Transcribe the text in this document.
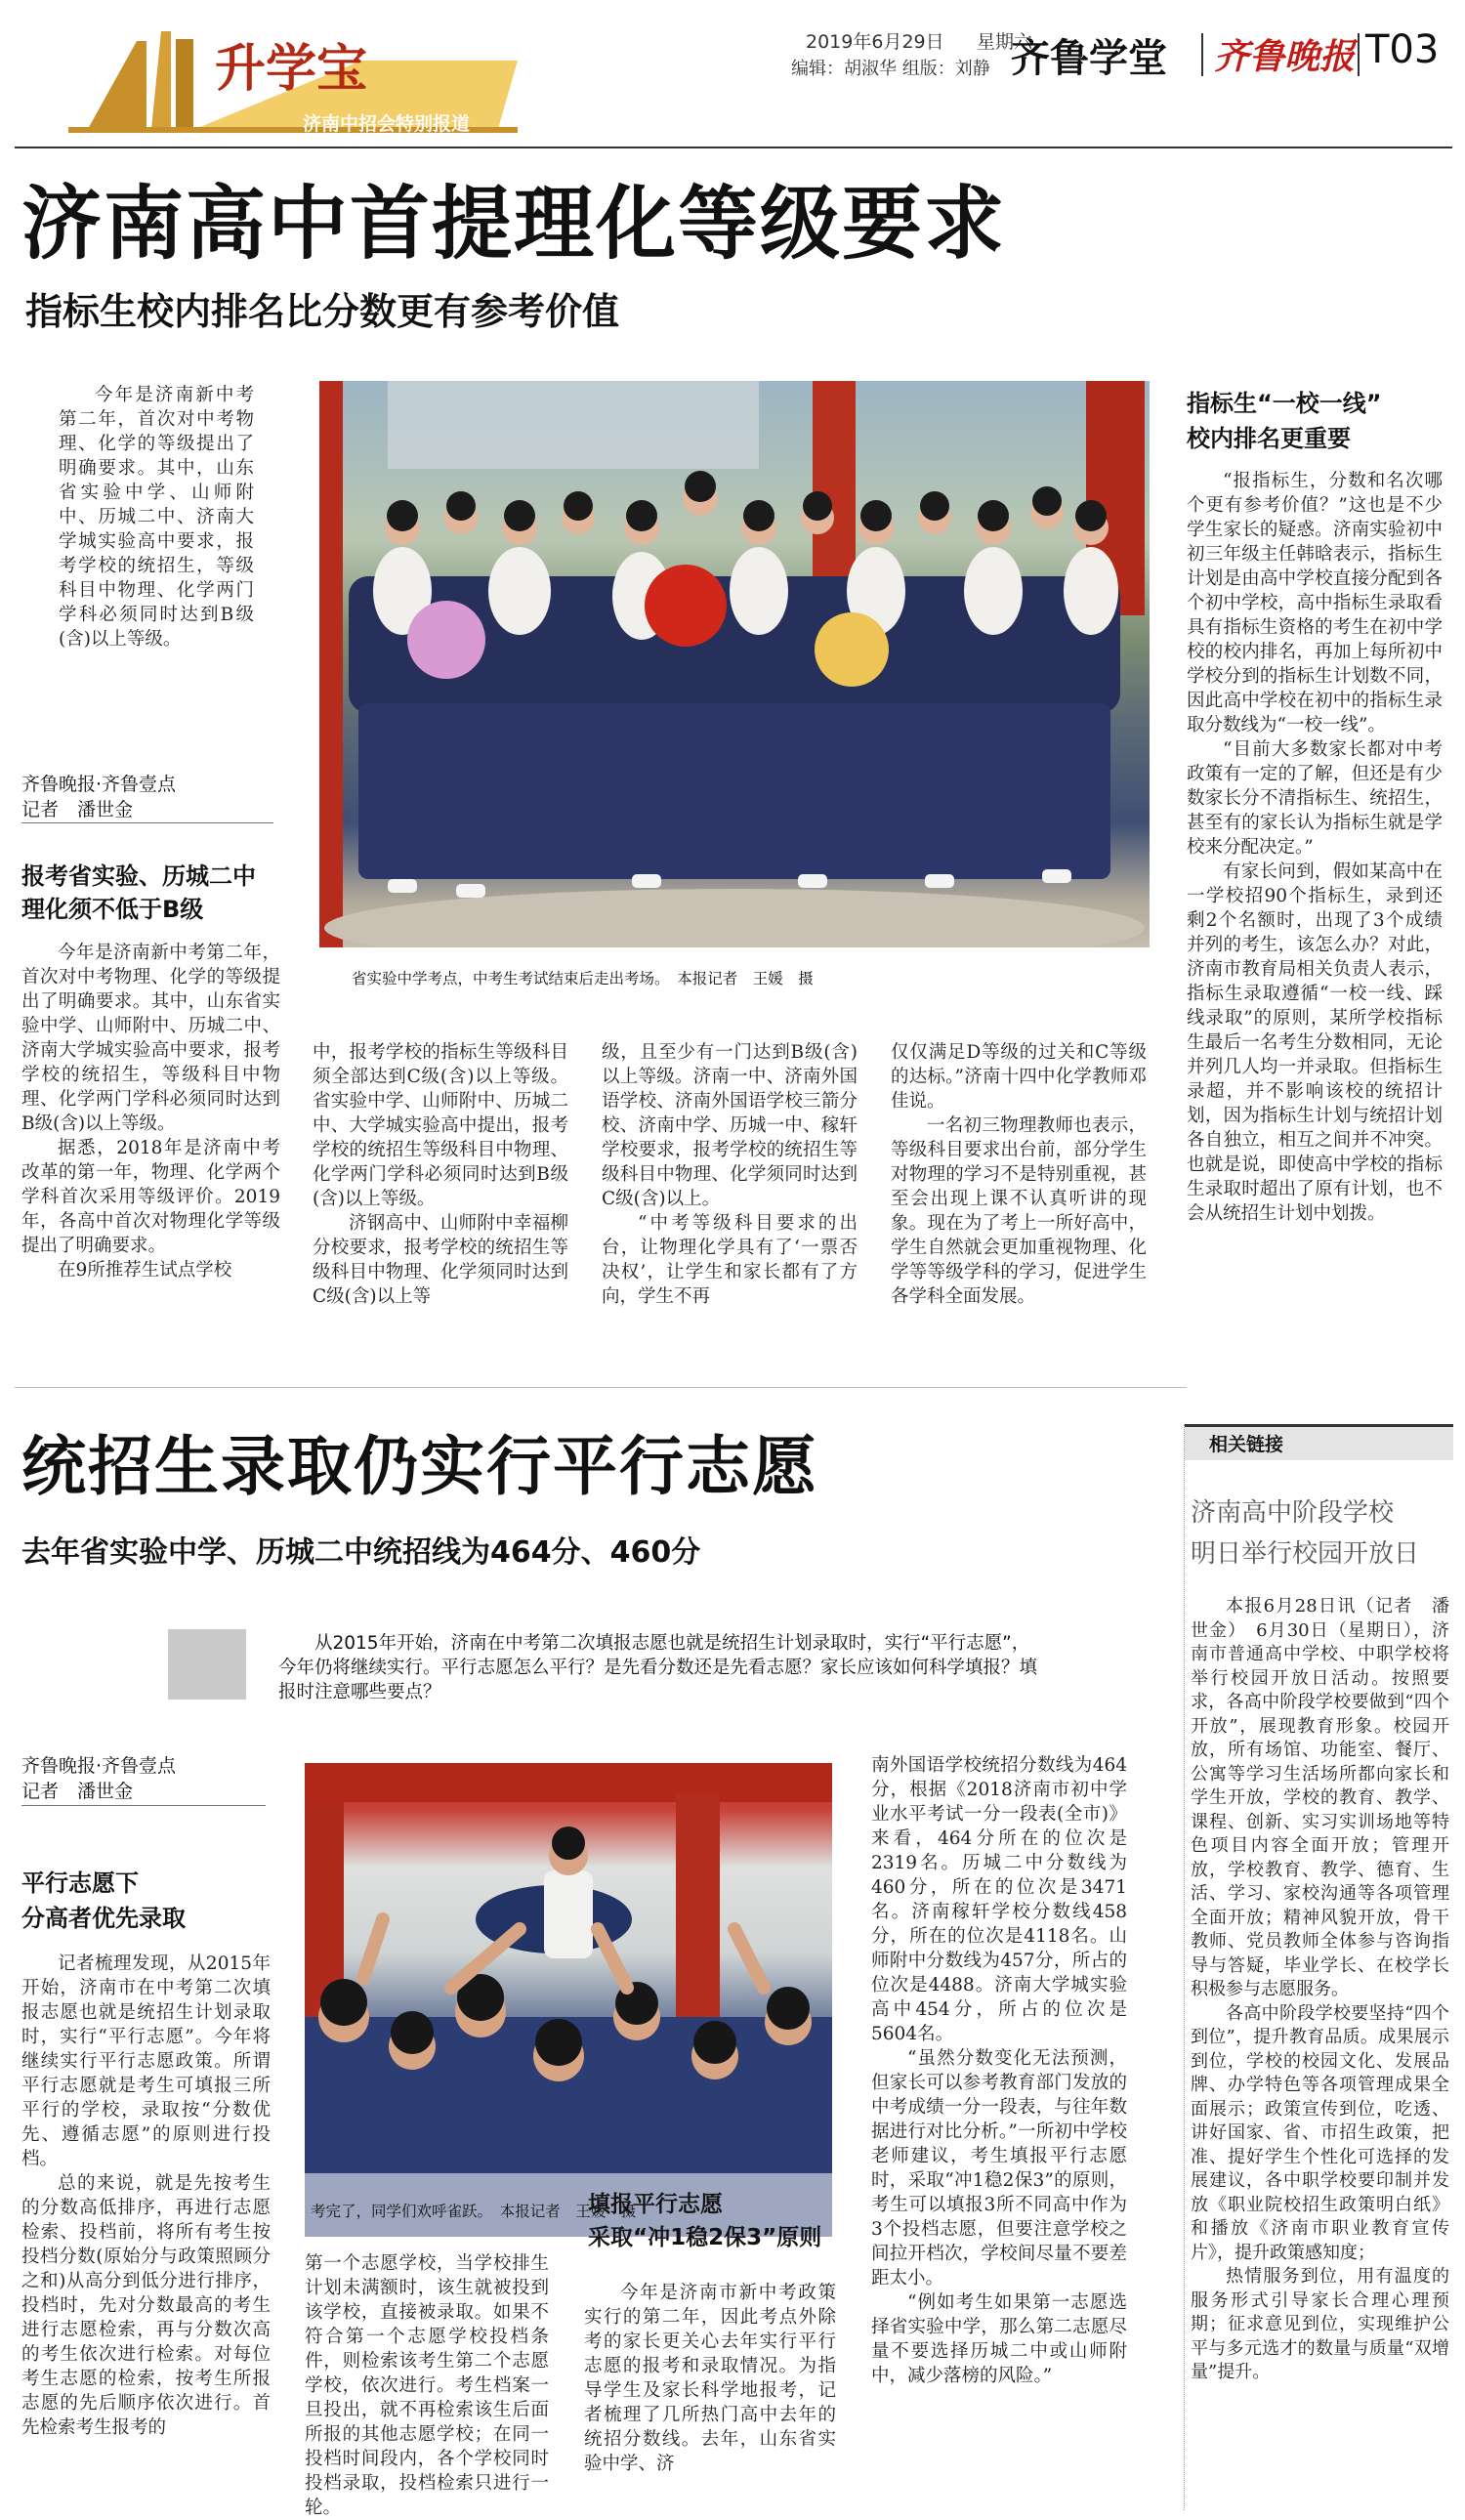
升学宝
济南中招会特别报道
2019年6月29日 星期六
编辑：胡淑华 组版：刘静 齐鲁学堂 齐鲁晚报 T03
济南高中首提理化等级要求
指标生校内排名比分数更有参考价值

今年是济南新中考第二年，首次对中考物理、化学的等级提出了明确要求。其中，山东省实验中学、山师附中、历城二中、济南大学城实验高中要求，报考学校的统招生，等级科目中物理、化学两门学科必须同时达到B级(含)以上等级。

齐鲁晚报·齐鲁壹点
记者　潘世金
报考省实验、历城二中
理化须不低于B级
省实验中学考点，中考生考试结束后走出考场。　本报记者　王媛　摄

今年是济南新中考第二年，首次对中考物理、化学的等级提出了明确要求。其中，山东省实验中学、山师附中、历城二中、济南大学城实验高中要求，报考学校的统招生，等级科目中物理、化学两门学科必须同时达到B级(含)以上等级。

据悉，2018年是济南中考改革的第一年，物理、化学两个学科首次采用等级评价。2019年，各高中首次对物理化学等级提出了明确要求。

在9所推荐生试点学校

中，报考学校的指标生等级科目须全部达到C级(含)以上等级。省实验中学、山师附中、历城二中、大学城实验高中提出，报考学校的统招生等级科目中物理、化学两门学科必须同时达到B级(含)以上等级。

济钢高中、山师附中幸福柳分校要求，报考学校的统招生等级科目中物理、化学须同时达到C级(含)以上等

级，且至少有一门达到B级(含)以上等级。济南一中、济南外国语学校、济南外国语学校三箭分校、济南中学、历城一中、稼轩学校要求，报考学校的统招生等级科目中物理、化学须同时达到C级(含)以上。

“中考等级科目要求的出台，让物理化学具有了‘一票否决权’，让学生和家长都有了方向，学生不再

仅仅满足D等级的过关和C等级的达标。”济南十四中化学教师邓佳说。

一名初三物理教师也表示，等级科目要求出台前，部分学生对物理的学习不是特别重视，甚至会出现上课不认真听讲的现象。现在为了考上一所好高中，学生自然就会更加重视物理、化学等等级学科的学习，促进学生各学科全面发展。

指标生“一校一线”
校内排名更重要

“报指标生，分数和名次哪个更有参考价值？”这也是不少学生家长的疑惑。济南实验初中初三年级主任韩晗表示，指标生计划是由高中学校直接分配到各个初中学校，高中指标生录取看具有指标生资格的考生在初中学校的校内排名，再加上每所初中学校分到的指标生计划数不同，因此高中学校在初中的指标生录取分数线为“一校一线”。

“目前大多数家长都对中考政策有一定的了解，但还是有少数家长分不清指标生、统招生，甚至有的家长认为指标生就是学校来分配决定。”

有家长问到，假如某高中在一学校招90个指标生，录到还剩2个名额时，出现了3个成绩并列的考生，该怎么办？对此，济南市教育局相关负责人表示，指标生录取遵循“一校一线、踩线录取”的原则，某所学校指标生最后一名考生分数相同，无论并列几人均一并录取。但指标生录超，并不影响该校的统招计划，因为指标生计划与统招计划各自独立，相互之间并不冲突。也就是说，即使高中学校的指标生录取时超出了原有计划，也不会从统招生计划中划拨。

统招生录取仍实行平行志愿
去年省实验中学、历城二中统招线为464分、460分
从2015年开始，济南在中考第二次填报志愿也就是统招生计划录取时，实行“平行志愿”，今年仍将继续实行。平行志愿怎么平行？是先看分数还是先看志愿？家长应该如何科学填报？填报时注意哪些要点？
齐鲁晚报·齐鲁壹点
记者　潘世金
平行志愿下
分高者优先录取

记者梳理发现，从2015年开始，济南市在中考第二次填报志愿也就是统招生计划录取时，实行“平行志愿”。今年将继续实行平行志愿政策。所谓平行志愿就是考生可填报三所平行的学校，录取按“分数优先、遵循志愿”的原则进行投档。

总的来说，就是先按考生的分数高低排序，再进行志愿检索、投档前，将所有考生按投档分数(原始分与政策照顾分之和)从高分到低分进行排序，投档时，先对分数最高的考生进行志愿检索，再与分数次高的考生依次进行检索。对每位考生志愿的检索，按考生所报志愿的先后顺序依次进行。首先检索考生报考的

考完了，同学们欢呼雀跃。　本报记者　王媛　摄

第一个志愿学校，当学校排生计划未满额时，该生就被投到该学校，直接被录取。如果不符合第一个志愿学校投档条件，则检索该考生第二个志愿学校，依次进行。考生档案一旦投出，就不再检索该生后面所报的其他志愿学校；在同一投档时间段内，各个学校同时投档录取，投档检索只进行一轮。

填报平行志愿
采取“冲1稳2保3”原则

今年是济南市新中考政策实行的第二年，因此考点外除考的家长更关心去年实行平行志愿的报考和录取情况。为指导学生及家长科学地报考，记者梳理了几所热门高中去年的统招分数线。去年，山东省实验中学、济

南外国语学校统招分数线为464分，根据《2018济南市初中学业水平考试一分一段表(全市)》来看，464分所在的位次是2319名。历城二中分数线为460分，所在的位次是3471名。济南稼轩学校分数线458分，所在的位次是4118名。山师附中分数线为457分，所占的位次是4488。济南大学城实验高中454分，所占的位次是5604名。

“虽然分数变化无法预测，但家长可以参考教育部门发放的中考成绩一分一段表，与往年数据进行对比分析。”一所初中学校老师建议，考生填报平行志愿时，采取“冲1稳2保3”的原则，考生可以填报3所不同高中作为3个投档志愿，但要注意学校之间拉开档次，学校间尽量不要差距太小。

“例如考生如果第一志愿选择省实验中学，那么第二志愿尽量不要选择历城二中或山师附中，减少落榜的风险。”

相关链接
济南高中阶段学校
明日举行校园开放日

本报6月28日讯（记者　潘世金）　6月30日（星期日），济南市普通高中学校、中职学校将举行校园开放日活动。按照要求，各高中阶段学校要做到“四个开放”，展现教育形象。校园开放，所有场馆、功能室、餐厅、公寓等学习生活场所都向家长和学生开放，学校的教育、教学、课程、创新、实习实训场地等特色项目内容全面开放；管理开放，学校教育、教学、德育、生活、学习、家校沟通等各项管理全面开放；精神风貌开放，骨干教师、党员教师全体参与咨询指导与答疑，毕业学长、在校学长积极参与志愿服务。

各高中阶段学校要坚持“四个到位”，提升教育品质。成果展示到位，学校的校园文化、发展品牌、办学特色等各项管理成果全面展示；政策宣传到位，吃透、讲好国家、省、市招生政策，把准、提好学生个性化可选择的发展建议，各中职学校要印制并发放《职业院校招生政策明白纸》和播放《济南市职业教育宣传片》，提升政策感知度；

热情服务到位，用有温度的服务形式引导家长合理心理预期；征求意见到位，实现维护公平与多元选才的数量与质量“双增量”提升。
